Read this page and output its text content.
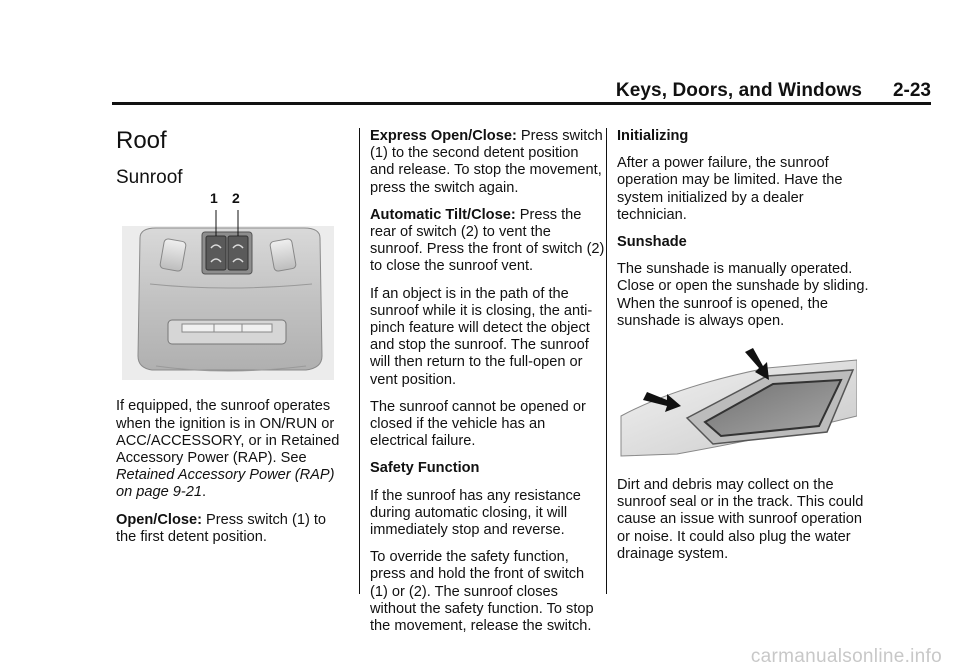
Keys, Doors, and Windows 2-23
Roof
Sunroof
1 2

If equipped, the sunroof operates when the ignition is in ON/RUN or ACC/ACCESSORY, or in Retained Accessory Power (RAP). See Retained Accessory Power (RAP) on page 9-21.

Open/Close: Press switch (1) to the first detent position.

Express Open/Close: Press switch (1) to the second detent position and release. To stop the movement, press the switch again.

Automatic Tilt/Close: Press the rear of switch (2) to vent the sunroof. Press the front of switch (2) to close the sunroof vent.

If an object is in the path of the sunroof while it is closing, the anti-pinch feature will detect the object and stop the sunroof. The sunroof will then return to the full-open or vent position.

The sunroof cannot be opened or closed if the vehicle has an electrical failure.

Safety Function

If the sunroof has any resistance during automatic closing, it will immediately stop and reverse.

To override the safety function, press and hold the front of switch (1) or (2). The sunroof closes without the safety function. To stop the movement, release the switch.

Initializing

After a power failure, the sunroof operation may be limited. Have the system initialized by a dealer technician.

Sunshade

The sunshade is manually operated. Close or open the sunshade by sliding. When the sunroof is opened, the sunshade is always open.

Dirt and debris may collect on the sunroof seal or in the track. This could cause an issue with sunroof operation or noise. It could also plug the water drainage system.

carmanualsonline.info
